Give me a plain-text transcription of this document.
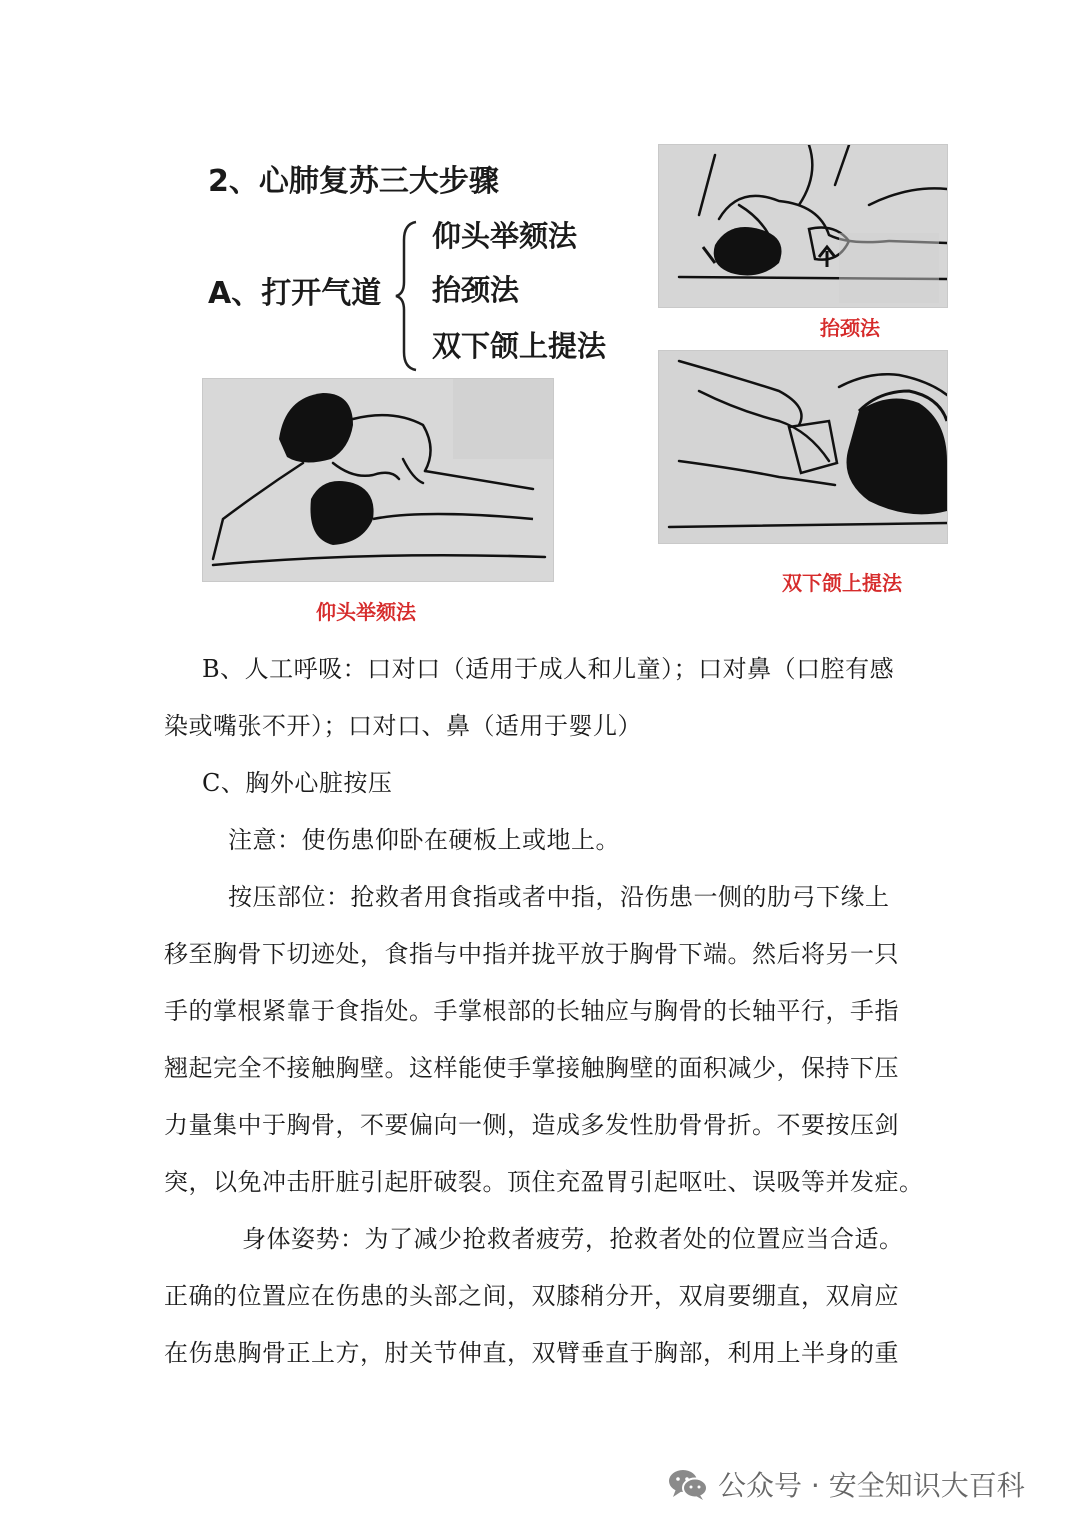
2、心肺复苏三大步骤
A、打开气道
仰头举颏法
抬颈法
双下颌上提法
抬颈法
双下颌上提法
仰头举颏法
B、人工呼吸：口对口（适用于成人和儿童）；口对鼻（口腔有感
染或嘴张不开）；口对口、鼻（适用于婴儿）
C、胸外心脏按压
注意：使伤患仰卧在硬板上或地上。
按压部位：抢救者用食指或者中指，沿伤患一侧的肋弓下缘上
移至胸骨下切迹处，食指与中指并拢平放于胸骨下端。然后将另一只
手的掌根紧靠于食指处。手掌根部的长轴应与胸骨的长轴平行，手指
翘起完全不接触胸壁。这样能使手掌接触胸壁的面积减少，保持下压
力量集中于胸骨，不要偏向一侧，造成多发性肋骨骨折。不要按压剑
突，以免冲击肝脏引起肝破裂。顶住充盈胃引起呕吐、误吸等并发症。
身体姿势：为了减少抢救者疲劳，抢救者处的位置应当合适。
正确的位置应在伤患的头部之间，双膝稍分开，双肩要绷直，双肩应
在伤患胸骨正上方，肘关节伸直，双臂垂直于胸部，利用上半身的重
公众号 · 安全知识大百科
